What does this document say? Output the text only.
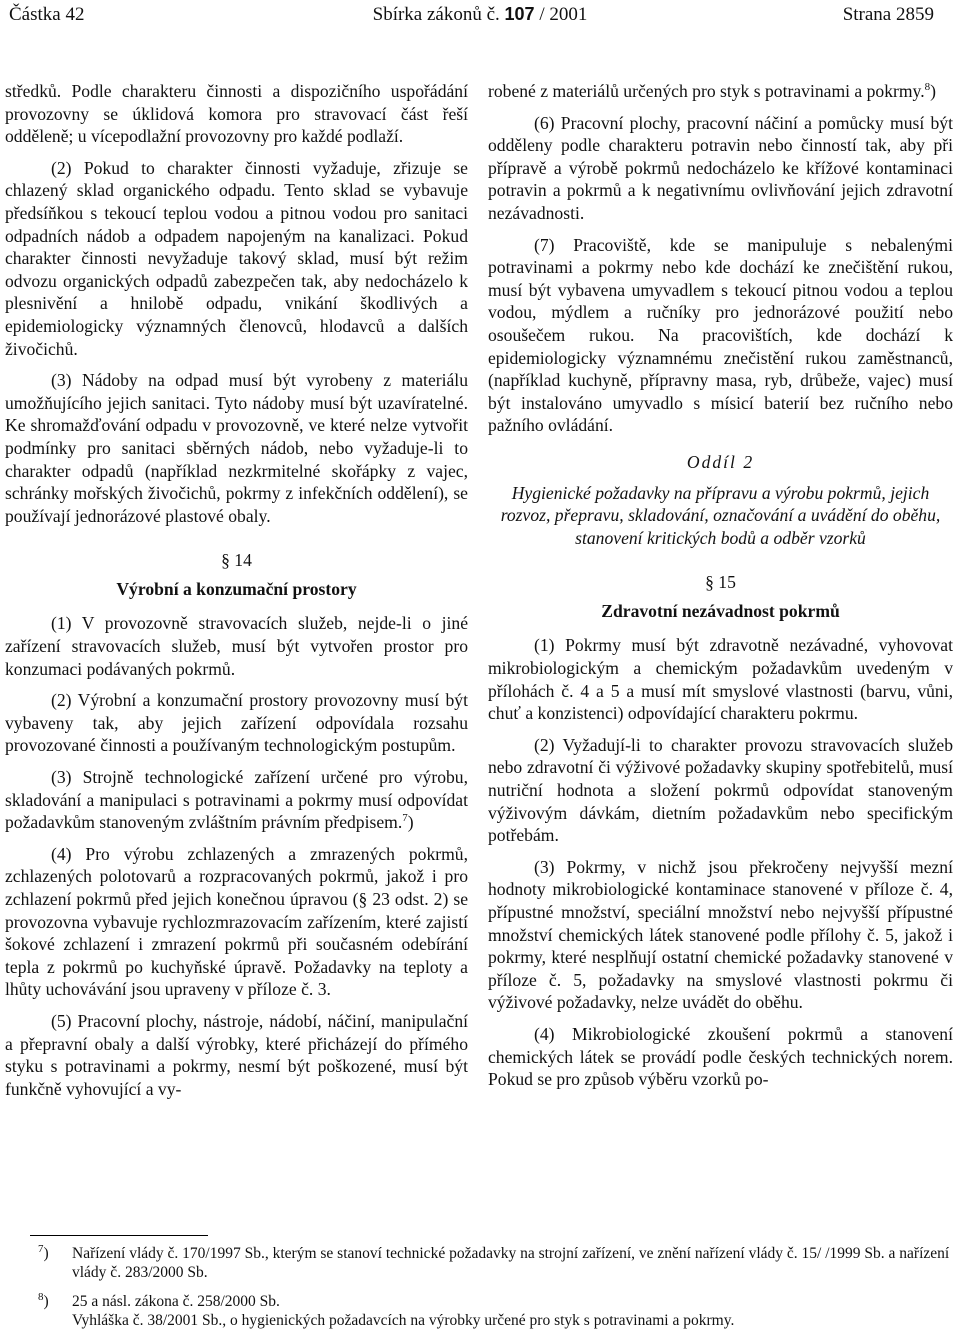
Částka 42	Sbírka zákonů č. 107 / 2001	Strana 2859

středků. Podle charakteru činnosti a dispozičního uspořádání provozovny se úklidová komora pro stravovací část řeší odděleně; u vícepodlažní provozovny pro každé podlaží.

(2) Pokud to charakter činnosti vyžaduje, zřizuje se chlazený sklad organického odpadu. Tento sklad se vybavuje předsíňkou s tekoucí teplou vodou a pitnou vodou pro sanitaci odpadních nádob a odpadem napojeným na kanalizaci. Pokud charakter činnosti nevyžaduje takový sklad, musí být režim odvozu organických odpadů zabezpečen tak, aby nedocházelo k plesnivění a hnilobě odpadu, vnikání škodlivých a epidemiologicky významných členovců, hlodavců a dalších živočichů.

(3) Nádoby na odpad musí být vyrobeny z materiálu umožňujícího jejich sanitaci. Tyto nádoby musí být uzavíratelné. Ke shromažďování odpadu v provozovně, ve které nelze vytvořit podmínky pro sanitaci sběrných nádob, nebo vyžaduje-li to charakter odpadů (například nezkrmitelné skořápky z vajec, schránky mořských živočichů, pokrmy z infekčních oddělení), se používají jednorázové plastové obaly.

§ 14
Výrobní a konzumační prostory

(1) V provozovně stravovacích služeb, nejde-li o jiné zařízení stravovacích služeb, musí být vytvořen prostor pro konzumaci podávaných pokrmů.

(2) Výrobní a konzumační prostory provozovny musí být vybaveny tak, aby jejich zařízení odpovídala rozsahu provozované činnosti a používaným technologickým postupům.

(3) Strojně technologické zařízení určené pro výrobu, skladování a manipulaci s potravinami a pokrmy musí odpovídat požadavkům stanoveným zvláštním právním předpisem.$^7$)

(4) Pro výrobu zchlazených a zmrazených pokrmů, zchlazených polotovarů a rozpracovaných pokrmů, jakož i pro zchlazení pokrmů před jejich konečnou úpravou (§ 23 odst. 2) se provozovna vybavuje rychlozmrazovacím zařízením, které zajistí šokové zchlazení i zmrazení pokrmů při současném odebírání tepla z pokrmů po kuchyňské úpravě. Požadavky na teploty a lhůty uchovávání jsou upraveny v příloze č. 3.

(5) Pracovní plochy, nástroje, nádobí, náčiní, manipulační a přepravní obaly a další výrobky, které přicházejí do přímého styku s potravinami a pokrmy, nesmí být poškozené, musí být funkčně vyhovující a vy-

robené z materiálů určených pro styk s potravinami a pokrmy.$^8$)

(6) Pracovní plochy, pracovní náčiní a pomůcky musí být odděleny podle charakteru potravin nebo činností tak, aby při přípravě a výrobě pokrmů nedocházelo ke křížové kontaminaci potravin a pokrmů a k negativnímu ovlivňování jejich zdravotní nezávadnosti.

(7) Pracoviště, kde se manipuluje s nebalenými potravinami a pokrmy nebo kde dochází ke znečištění rukou, musí být vybavena umyvadlem s tekoucí pitnou vodou a teplou vodou, mýdlem a ručníky pro jednorázové použití nebo osoušečem rukou. Na pracovištích, kde dochází k epidemiologicky významnému znečistění rukou zaměstnanců, (například kuchyně, přípravny masa, ryb, drůbeže, vajec) musí být instalováno umyvadlo s mísicí baterií bez ručního nebo pažního ovládání.

Oddíl 2
Hygienické požadavky na přípravu a výrobu pokrmů, jejich rozvoz, přepravu, skladování, označování a uvádění do oběhu, stanovení kritických bodů a odběr vzorků
§ 15
Zdravotní nezávadnost pokrmů

(1) Pokrmy musí být zdravotně nezávadné, vyhovovat mikrobiologickým a chemickým požadavkům uvedeným v přílohách č. 4 a 5 a musí mít smyslové vlastnosti (barvu, vůni, chuť a konzistenci) odpovídající charakteru pokrmu.

(2) Vyžadují-li to charakter provozu stravovacích služeb nebo zdravotní či výživové požadavky skupiny spotřebitelů, musí nutriční hodnota a složení pokrmů odpovídat stanoveným výživovým dávkám, dietním požadavkům nebo specifickým potřebám.

(3) Pokrmy, v nichž jsou překročeny nejvyšší mezní hodnoty mikrobiologické kontaminace stanovené v příloze č. 4, přípustné množství, speciální množství nebo nejvyšší přípustné množství chemických látek stanovené podle přílohy č. 5, jakož i pokrmy, které nesplňují ostatní chemické požadavky stanovené v příloze č. 5, požadavky na smyslové vlastnosti pokrmu či výživové požadavky, nelze uvádět do oběhu.

(4) Mikrobiologické zkoušení pokrmů a stanovení chemických látek se provádí podle českých technických norem. Pokud se pro způsob výběru vzorků po-

$^7$) Nařízení vlády č. 170/1997 Sb., kterým se stanoví technické požadavky na strojní zařízení, ve znění nařízení vlády č. 15/ /1999 Sb. a nařízení vlády č. 283/2000 Sb.
$^8$) 25 a násl. zákona č. 258/2000 Sb.
Vyhláška č. 38/2001 Sb., o hygienických požadavcích na výrobky určené pro styk s potravinami a pokrmy.
